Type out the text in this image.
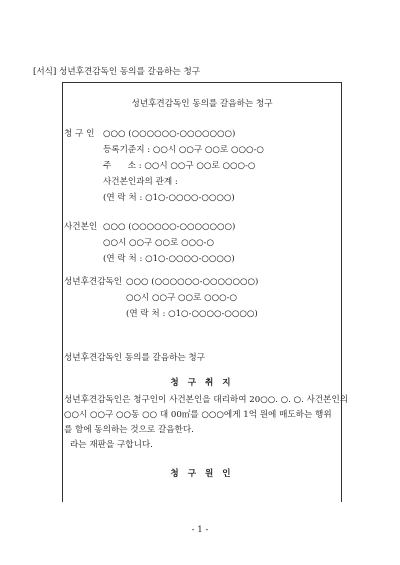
[서식] 성년후견감독인 동의를 갈음하는 청구
성년후견감독인 동의를 갈음하는 청구
청 구 인 ○○○ (○○○○○○-○○○○○○○)
등록기준지 : ○○시 ○○구 ○○로 ○○○-○
주      소 : ○○시 ○○구 ○○로 ○○○-○
사건본인과의 관계 :
(연 락 처 : ○1○-○○○○-○○○○)
사건본인 ○○○ (○○○○○○-○○○○○○○)
○○시 ○○구 ○○로 ○○○-○
(연 락 처 : ○1○-○○○○-○○○○)
성년후견감독인 ○○○ (○○○○○○-○○○○○○○)
○○시 ○○구 ○○로 ○○○-○
(연 락 처 : ○1○-○○○○-○○○○)
성년후견감독인 동의를 갈음하는 청구
청 구 취 지
성년후견감독인은 청구인이 사건본인을 대리하여 20○○. ○. ○. 사건본인의
○○시 ○○구 ○○동 ○○ 대 00㎡를 ○○○에게 1억 원에 매도하는 행위
를 함에 동의하는 것으로 갈음한다.
라는 재판을 구합니다.
청 구 원 인
- 1 -
